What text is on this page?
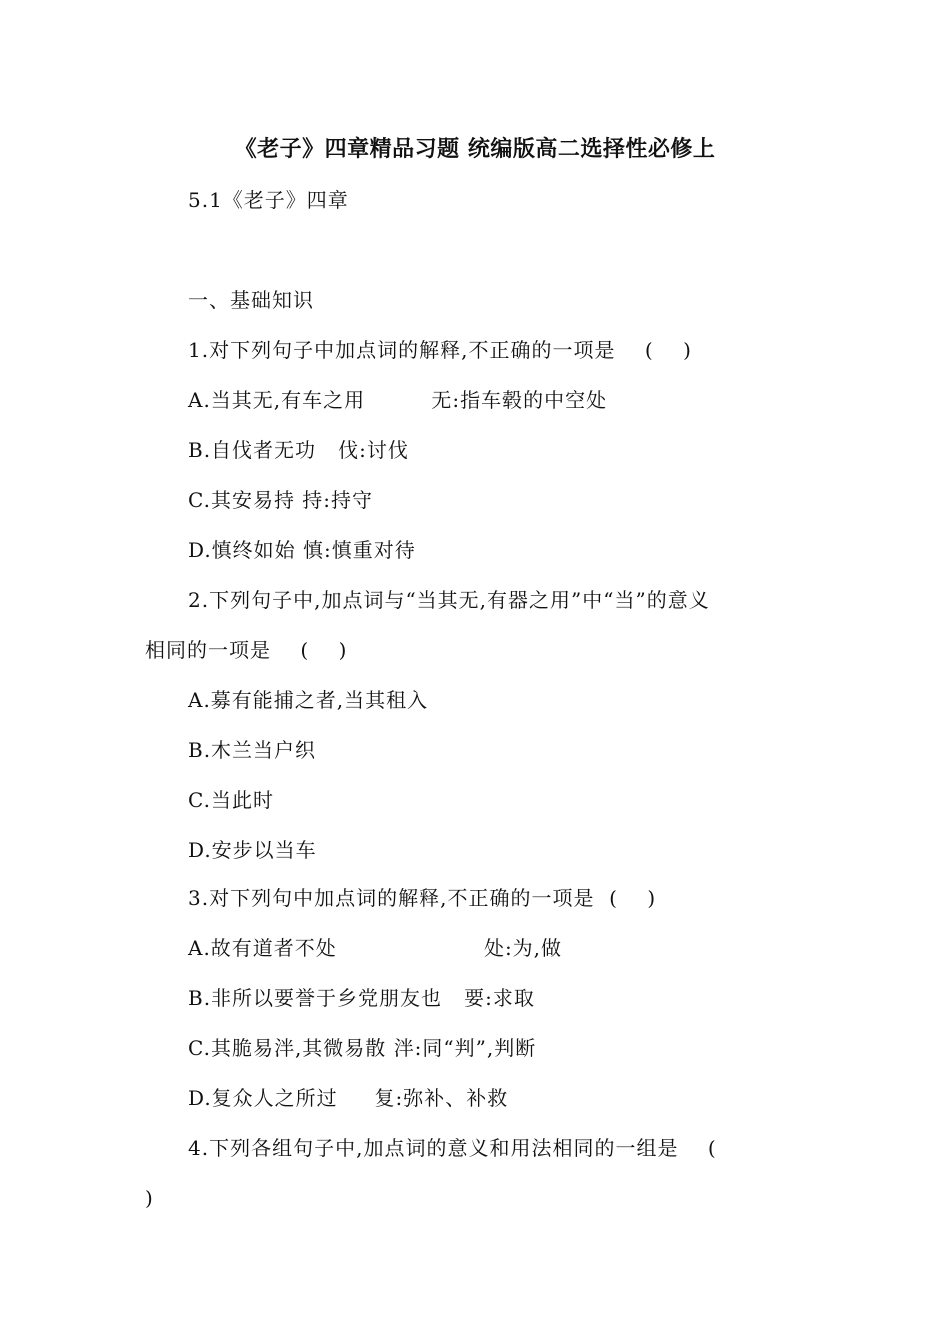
《老子》四章精品习题 统编版高二选择性必修上

5.1《老子》四章

一、基础知识

1.对下列句子中加点词的解释,不正确的一项是    (    )

A.当其无,有车之用         无:指车毂的中空处

B.自伐者无功   伐:讨伐

C.其安易持 持:持守

D.慎终如始 慎:慎重对待

2.下列句子中,加点词与“当其无,有器之用”中“当”的意义

相同的一项是    (    )

A.募有能捕之者,当其租入

B.木兰当户织

C.当此时

D.安步以当车

3.对下列句中加点词的解释,不正确的一项是  (    )

A.故有道者不处                    处:为,做

B.非所以要誉于乡党朋友也   要:求取

C.其脆易泮,其微易散 泮:同“判”,判断

D.复众人之所过     复:弥补、补救

4.下列各组句子中,加点词的意义和用法相同的一组是    (

)
